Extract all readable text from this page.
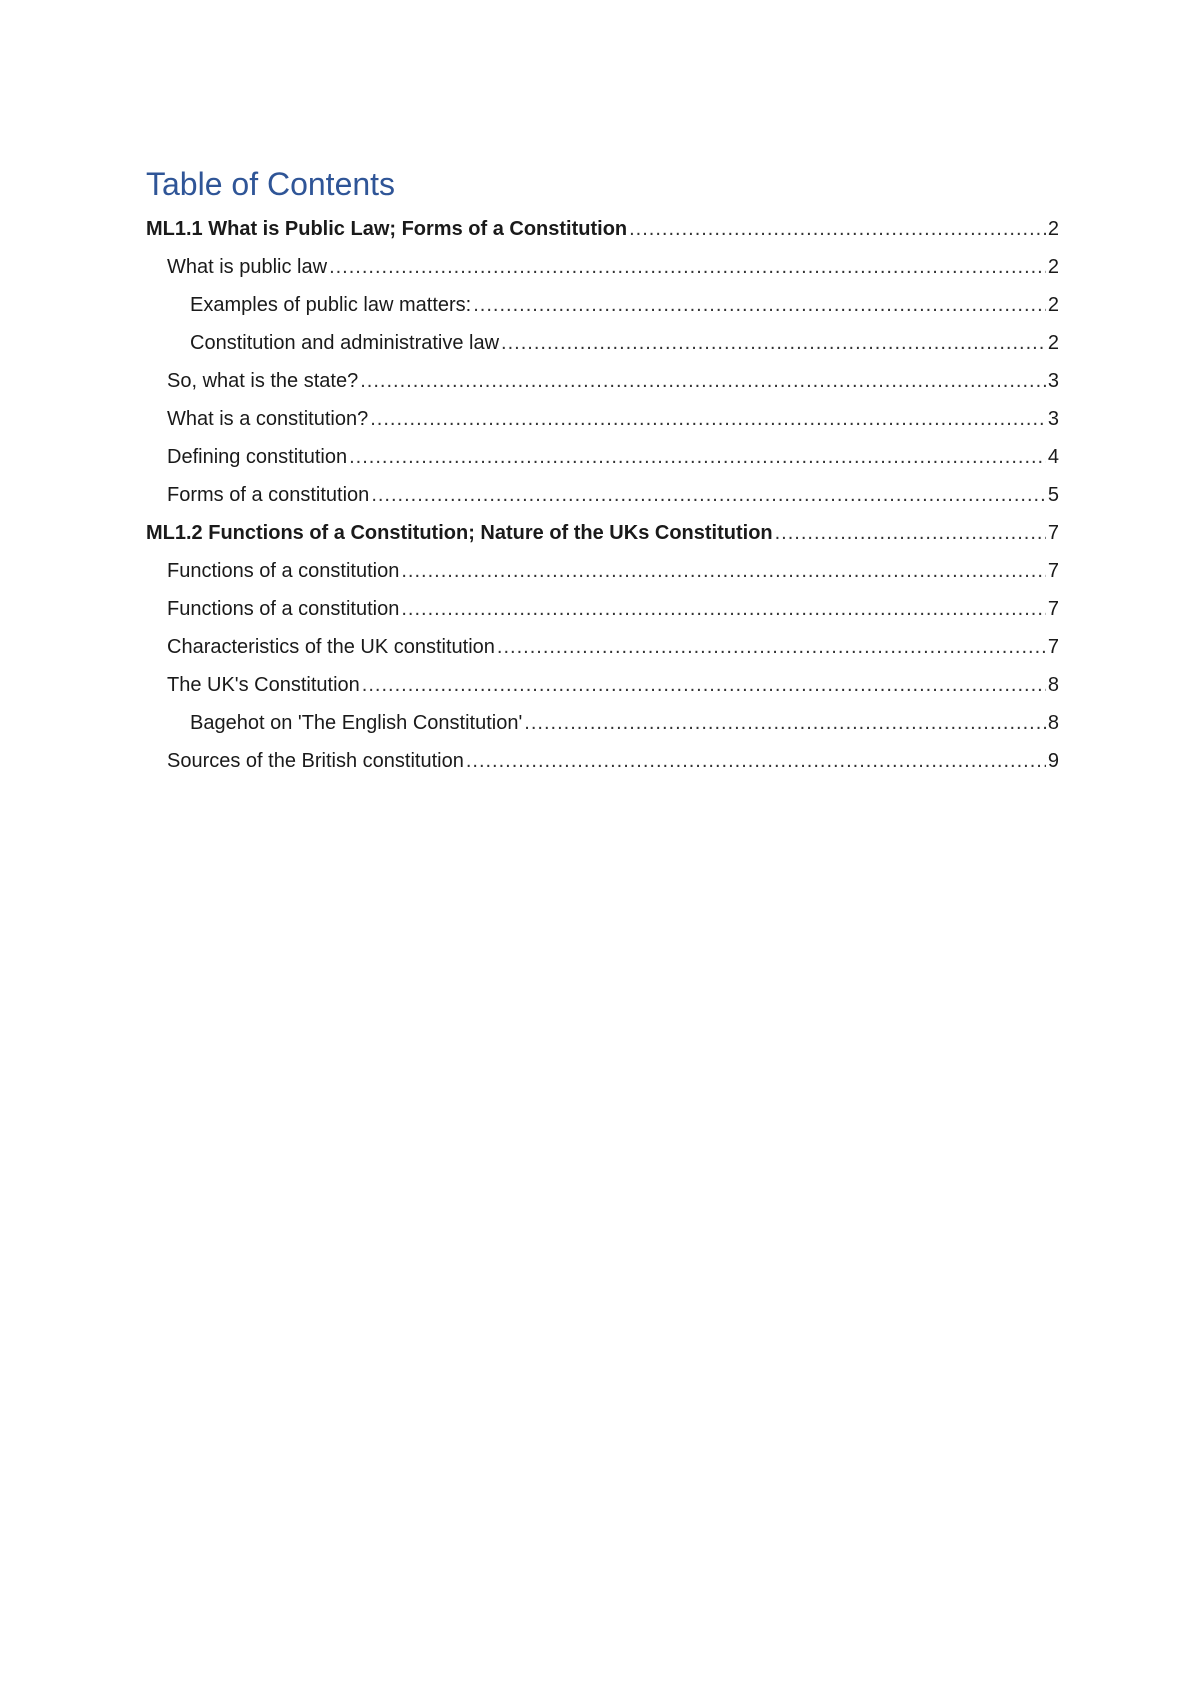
Table of Contents
ML1.1 What is Public Law; Forms of a Constitution .....	2
What is public law .....	2
Examples of public law matters: .....	2
Constitution and administrative law .....	2
So, what is the state? .....	3
What is a constitution? .....	3
Defining constitution .....	4
Forms of a constitution .....	5
ML1.2 Functions of a Constitution; Nature of the UKs Constitution .....	7
Functions of a constitution .....	7
Functions of a constitution .....	7
Characteristics of the UK constitution .....	7
The UK's Constitution .....	8
Bagehot on 'The English Constitution' .....	8
Sources of the British constitution .....	9
